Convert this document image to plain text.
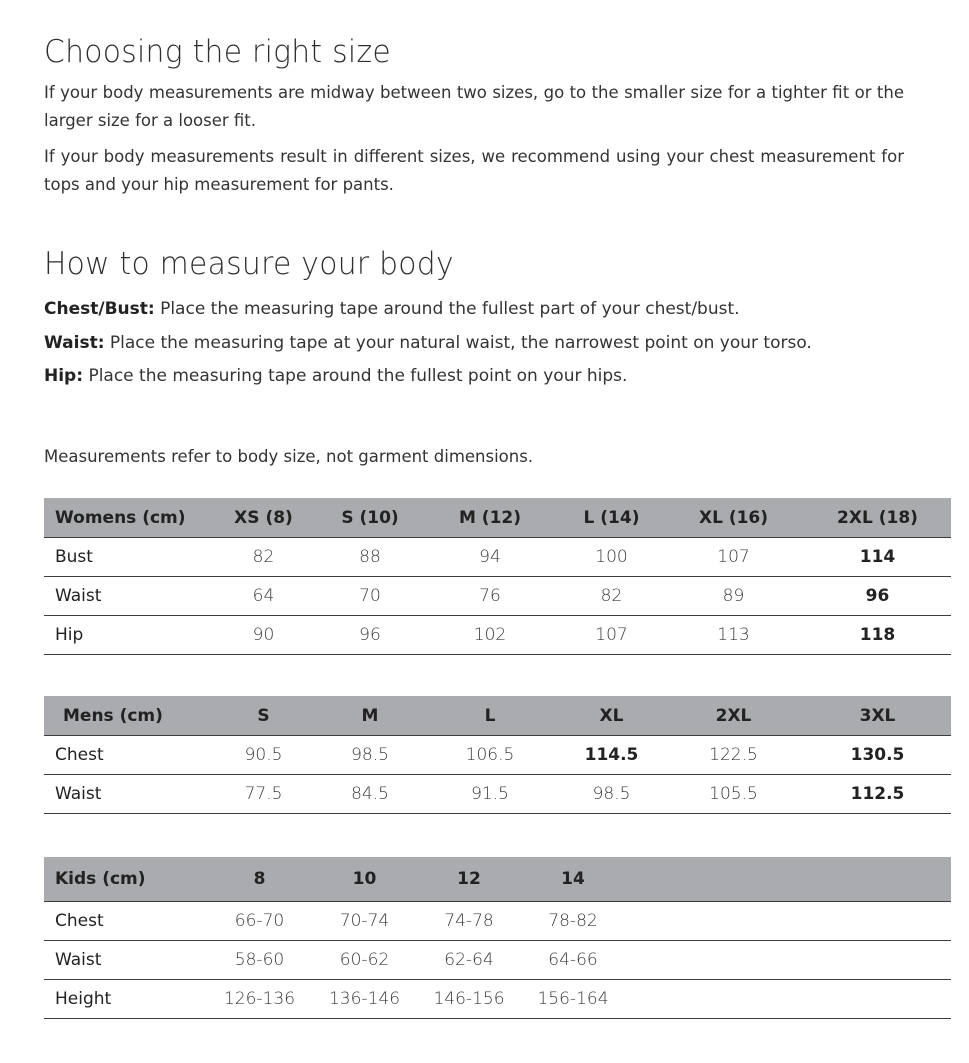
Choosing the right size

If your body measurements are midway between two sizes, go to the smaller size for a tighter fit or the larger size for a looser fit.

If your body measurements result in different sizes, we recommend using your chest measurement for tops and your hip measurement for pants.

How to measure your body

Chest/Bust: Place the measuring tape around the fullest part of your chest/bust.

Waist: Place the measuring tape at your natural waist, the narrowest point on your torso.

Hip: Place the measuring tape around the fullest point on your hips.

Measurements refer to body size, not garment dimensions.

Womens (cm)	XS (8)	S (10)	M (12)	L (14)	XL (16)	2XL (18)
Bust	82	88	94	100	107	114
Waist	64	70	76	82	89	96
Hip	90	96	102	107	113	118
Mens (cm)	S	M	L	XL	2XL	3XL
Chest	90.5	98.5	106.5	114.5	122.5	130.5
Waist	77.5	84.5	91.5	98.5	105.5	112.5
Kids (cm)	8	10	12	14			
Chest	66-70	70-74	74-78	78-82			
Waist	58-60	60-62	62-64	64-66			
Height	126-136	136-146	146-156	156-164			
